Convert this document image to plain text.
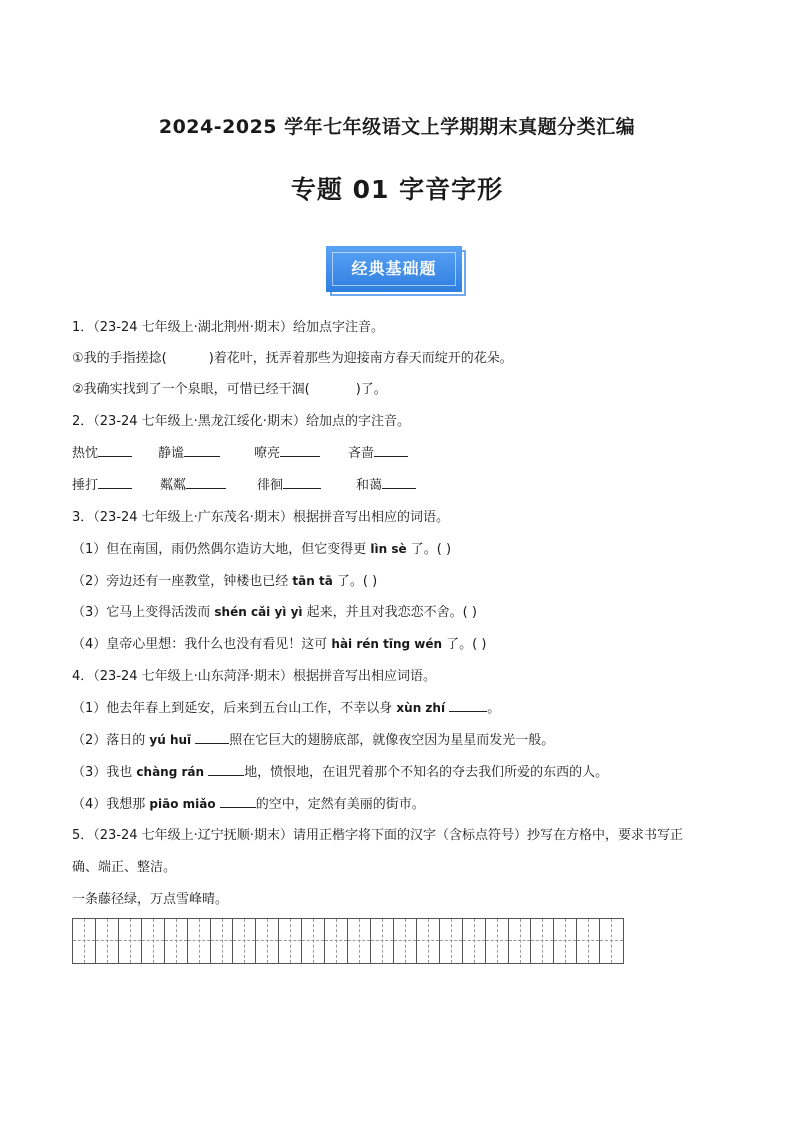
2024-2025 学年七年级语文上学期期末真题分类汇编
专题 01 字音字形
经典基础题
1．（23-24 七年级上·湖北荆州·期末）给加点字注音。
①我的手指搓捻(	)着花叶，抚弄着那些为迎接南方春天而绽开的花朵。
②我确实找到了一个泉眼，可惜已经干涸(	)了。
2．（23-24 七年级上·黑龙江绥化·期末）给加点的字注音。
热忱	静谧	嘹亮	吝啬
捶打	粼粼	徘徊	和蔼
3．（23-24 七年级上·广东茂名·期末）根据拼音写出相应的词语。
（1）但在南国，雨仍然偶尔造访大地，但它变得更 lìn sè 了。( )
（2）旁边还有一座教堂，钟楼也已经 tān tā 了。( )
（3）它马上变得活泼而 shén cǎi yì yì 起来，并且对我恋恋不舍。( )
（4）皇帝心里想：我什么也没有看见！这可 hài rén tīng wén 了。( )
4．（23-24 七年级上·山东菏泽·期末）根据拼音写出相应词语。
（1）他去年春上到延安，后来到五台山工作，不幸以身 xùn zhí	。
（2）落日的 yú huī	照在它巨大的翅膀底部，就像夜空因为星星而发光一般。
（3）我也 chàng rán	地，愤恨地，在诅咒着那个不知名的夺去我们所爱的东西的人。
（4）我想那 piāo miǎo	的空中，定然有美丽的街市。
5．（23-24 七年级上·辽宁抚顺·期末）请用正楷字将下面的汉字（含标点符号）抄写在方格中，要求书写正
确、端正、整洁。
一条藤径绿，万点雪峰晴。
